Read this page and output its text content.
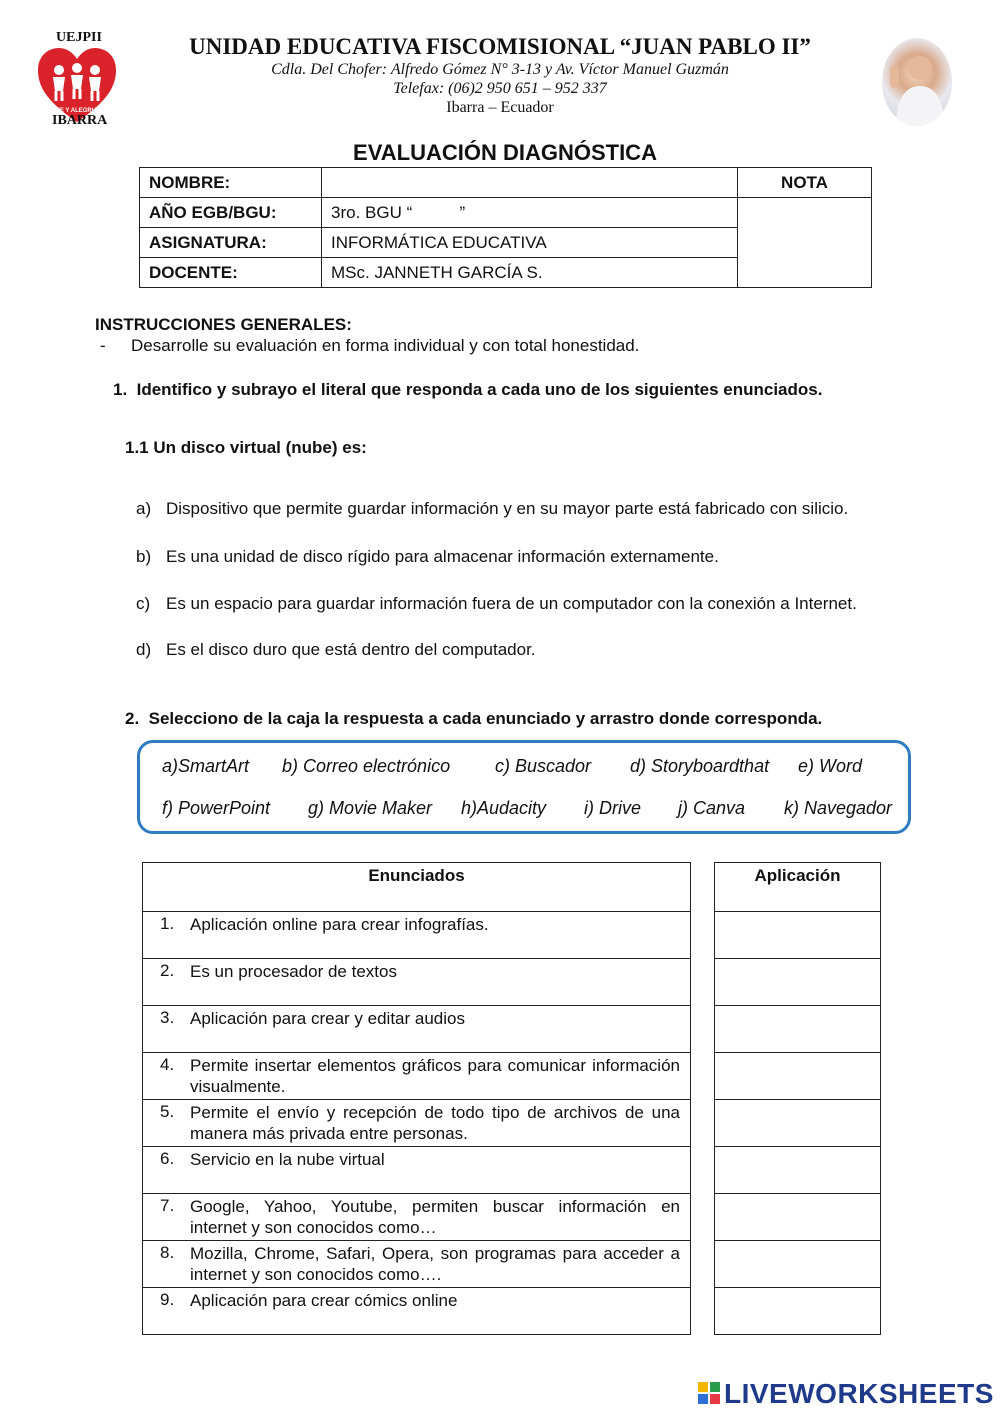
UEJPII
FE Y ALEGRIA
IBARRA
UNIDAD EDUCATIVA FISCOMISIONAL “JUAN PABLO II”
Cdla. Del Chofer: Alfredo Gómez N° 3-13 y Av. Víctor Manuel Guzmán
Telefax: (06)2 950 651 – 952 337
Ibarra – Ecuador
EVALUACIÓN DIAGNÓSTICA
NOMBRE:		NOTA
AÑO EGB/BGU:	3ro. BGU “          ”	
ASIGNATURA:	INFORMÁTICA EDUCATIVA	
DOCENTE:	MSc. JANNETH GARCÍA S.	
INSTRUCCIONES GENERALES:
- Desarrolle su evaluación en forma individual y con total honestidad.
1.  Identifico y subrayo el literal que responda a cada uno de los siguientes enunciados.
1.1 Un disco virtual (nube) es:
a) Dispositivo que permite guardar información y en su mayor parte está fabricado con silicio.
b) Es una unidad de disco rígido para almacenar información externamente.
c) Es un espacio para guardar información fuera de un computador con la conexión a Internet.
d) Es el disco duro que está dentro del computador.
2.  Selecciono de la caja la respuesta a cada enunciado y arrastro donde corresponda.
a)SmartArt b) Correo electrónico c) Buscador d) Storyboardthat e) Word
f) PowerPoint g) Movie Maker h)Audacity i) Drive j) Canva k) Navegador
Enunciados
1. Aplicación online para crear infografías.
2. Es un procesador de textos
3. Aplicación para crear y editar audios
4. Permite insertar elementos gráficos para comunicar información visualmente.
5. Permite el envío y recepción de todo tipo de archivos de una manera más privada entre personas.
6. Servicio en la nube virtual
7. Google, Yahoo, Youtube, permiten buscar información en internet y son conocidos como…
8. Mozilla, Chrome, Safari, Opera, son programas para acceder a internet y son conocidos como….
9. Aplicación para crear cómics online
Aplicación

LIVEWORKSHEETS
